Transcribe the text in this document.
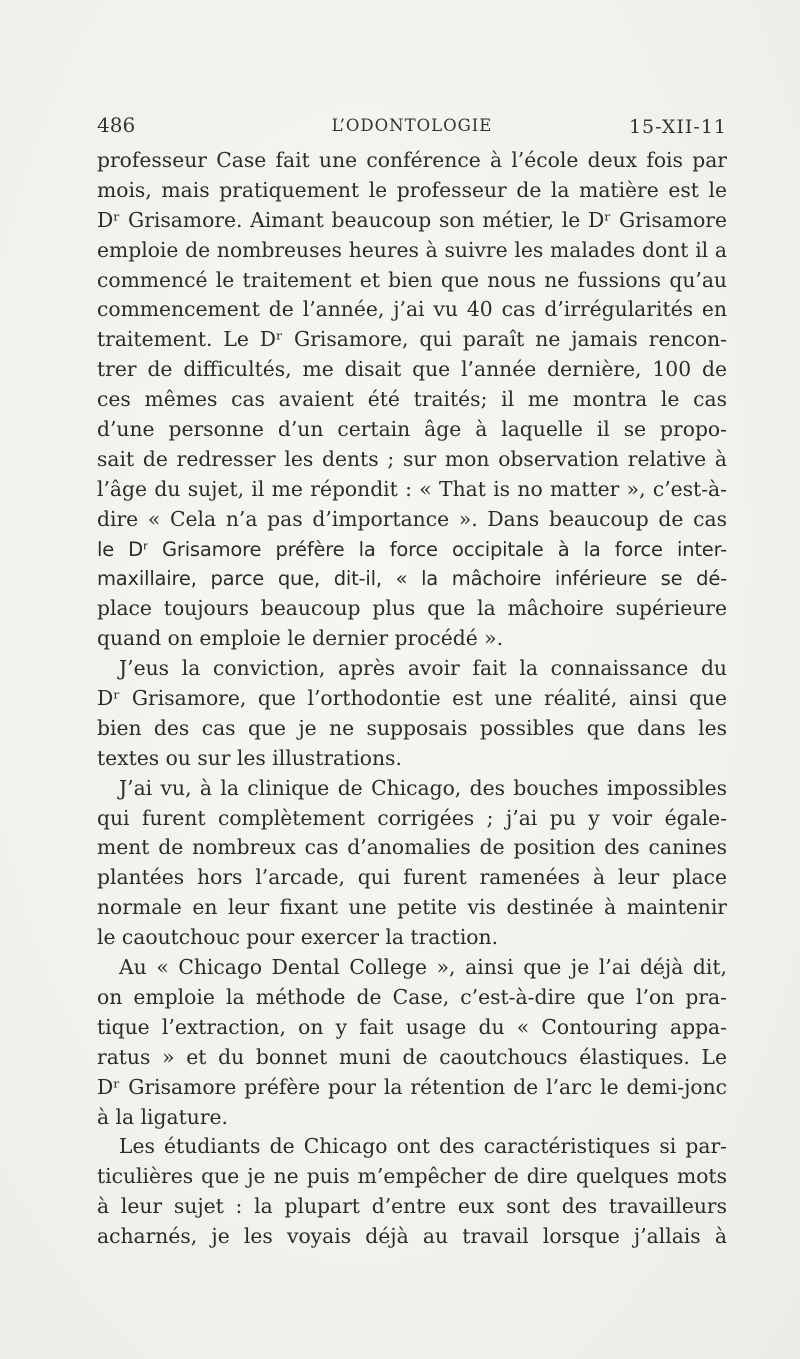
486	L’ODONTOLOGIE	15-XII-11
professeur Case fait une conférence à l’école deux fois par
mois, mais pratiquement le professeur de la matière est le
Dʳ Grisamore. Aimant beaucoup son métier, le Dʳ Grisamore
emploie de nombreuses heures à suivre les malades dont il a
commencé le traitement et bien que nous ne fussions qu’au
commencement de l’année, j’ai vu 40 cas d’irrégularités en
traitement. Le Dʳ Grisamore, qui paraît ne jamais rencon-
trer de difficultés, me disait que l’année dernière, 100 de
ces mêmes cas avaient été traités; il me montra le cas
d’une personne d’un certain âge à laquelle il se propo-
sait de redresser les dents ; sur mon observation relative à
l’âge du sujet, il me répondit : « That is no matter », c’est-à-
dire « Cela n’a pas d’importance ». Dans beaucoup de cas
le Dʳ Grisamore préfère la force occipitale à la force inter-
maxillaire, parce que, dit-il, « la mâchoire inférieure se dé-
place toujours beaucoup plus que la mâchoire supérieure
quand on emploie le dernier procédé ».
J’eus la conviction, après avoir fait la connaissance du
Dʳ Grisamore, que l’orthodontie est une réalité, ainsi que
bien des cas que je ne supposais possibles que dans les
textes ou sur les illustrations.
J’ai vu, à la clinique de Chicago, des bouches impossibles
qui furent complètement corrigées ; j’ai pu y voir égale-
ment de nombreux cas d’anomalies de position des canines
plantées hors l’arcade, qui furent ramenées à leur place
normale en leur fixant une petite vis destinée à maintenir
le caoutchouc pour exercer la traction.
Au « Chicago Dental College », ainsi que je l’ai déjà dit,
on emploie la méthode de Case, c’est-à-dire que l’on pra-
tique l’extraction, on y fait usage du « Contouring appa-
ratus » et du bonnet muni de caoutchoucs élastiques. Le
Dʳ Grisamore préfère pour la rétention de l’arc le demi-jonc
à la ligature.
Les étudiants de Chicago ont des caractéristiques si par-
ticulières que je ne puis m’empêcher de dire quelques mots
à leur sujet : la plupart d’entre eux sont des travailleurs
acharnés, je les voyais déjà au travail lorsque j’allais à
